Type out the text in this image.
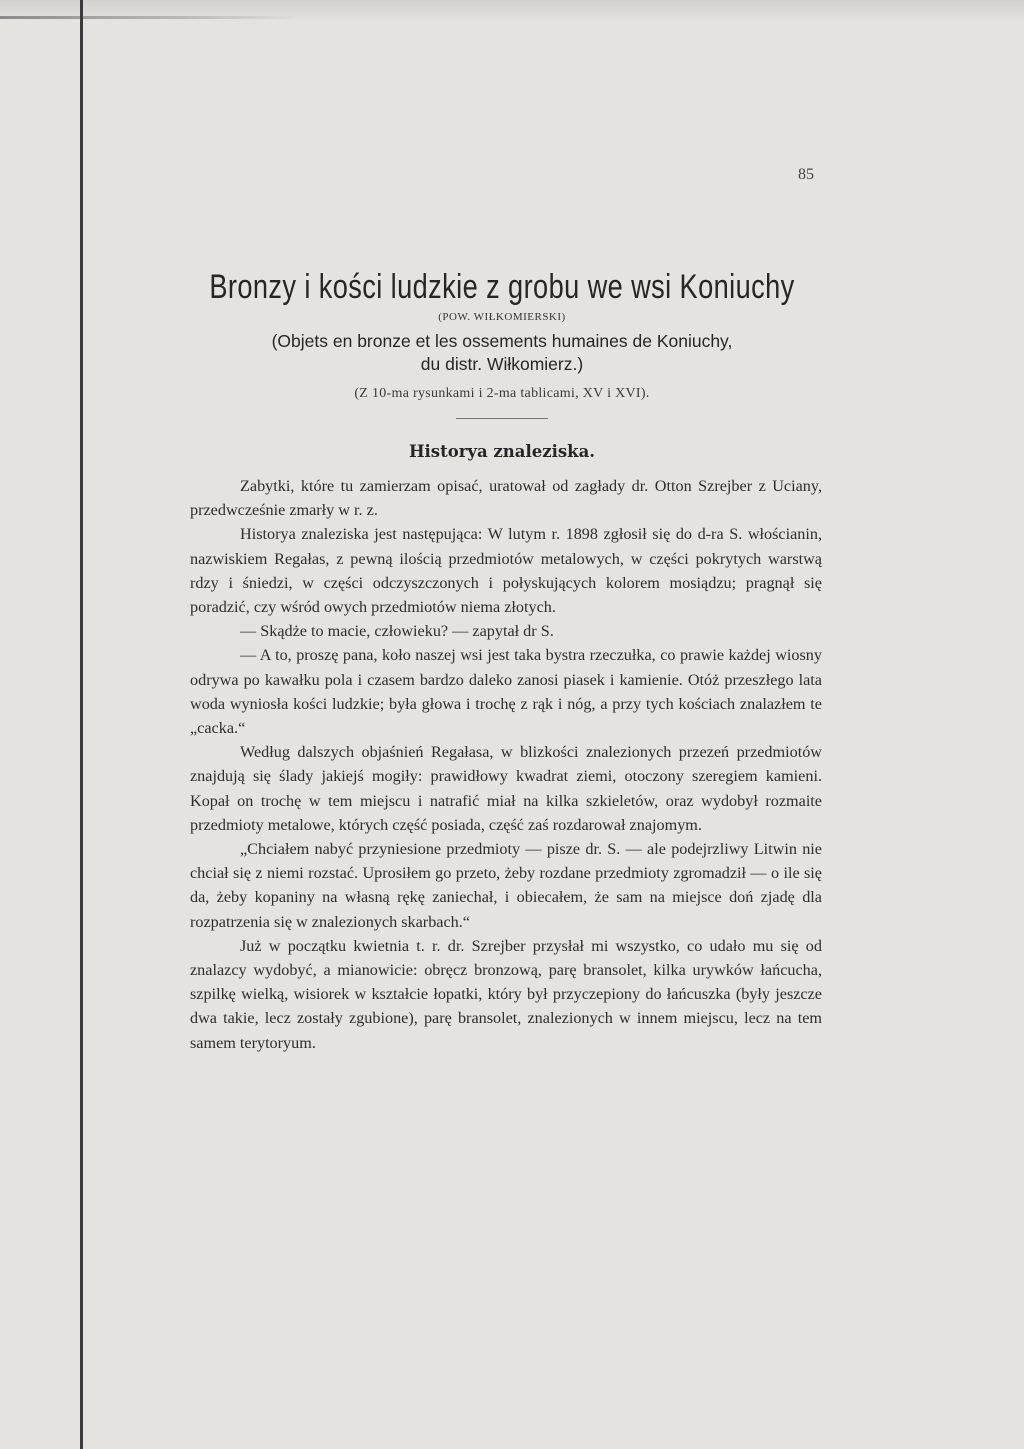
85
Bronzy i kości ludzkie z grobu we wsi Koniuchy
(POW. WIŁKOMIERSKI)
(Objets en bronze et les ossements humaines de Koniuchy,
du distr. Wiłkomierz.)
(Z 10-ma rysunkami i 2-ma tablicami, XV i XVI).
Historya znaleziska.

Zabytki, które tu zamierzam opisać, uratował od zagłady dr. Otton Szrejber z Uciany, przedwcześnie zmarły w r. z.

Historya znaleziska jest następująca: W lutym r. 1898 zgłosił się do d-ra S. włościanin, nazwiskiem Regałas, z pewną ilością przedmiotów metalowych, w części pokrytych warstwą rdzy i śniedzi, w części odczyszczonych i połyskujących kolorem mosiądzu; pragnął się poradzić, czy wśród owych przedmiotów niema złotych.

— Skądże to macie, człowieku? — zapytał dr S.

— A to, proszę pana, koło naszej wsi jest taka bystra rzeczułka, co prawie każdej wiosny odrywa po kawałku pola i czasem bardzo daleko zanosi piasek i kamienie. Otóż przeszłego lata woda wyniosła kości ludzkie; była głowa i trochę z rąk i nóg, a przy tych kościach znalazłem te „cacka.“

Według dalszych objaśnień Regałasa, w blizkości znalezionych przezeń przedmiotów znajdują się ślady jakiejś mogiły: prawidłowy kwadrat ziemi, otoczony szeregiem kamieni. Kopał on trochę w tem miejscu i natrafić miał na kilka szkieletów, oraz wydobył rozmaite przedmioty metalowe, których część posiada, część zaś rozdarował znajomym.

„Chciałem nabyć przyniesione przedmioty — pisze dr. S. — ale podejrzliwy Litwin nie chciał się z niemi rozstać. Uprosiłem go przeto, żeby rozdane przedmioty zgromadził — o ile się da, żeby kopaniny na własną rękę zaniechał, i obiecałem, że sam na miejsce doń zjadę dla rozpatrzenia się w znalezionych skarbach.“

Już w początku kwietnia t. r. dr. Szrejber przysłał mi wszystko, co udało mu się od znalazcy wydobyć, a mianowicie: obręcz bronzową, parę bransolet, kilka urywków łańcucha, szpilkę wielką, wisiorek w kształcie łopatki, który był przyczepiony do łańcuszka (były jeszcze dwa takie, lecz zostały zgubione), parę bransolet, znalezionych w innem miejscu, lecz na tem samem terytoryum.
